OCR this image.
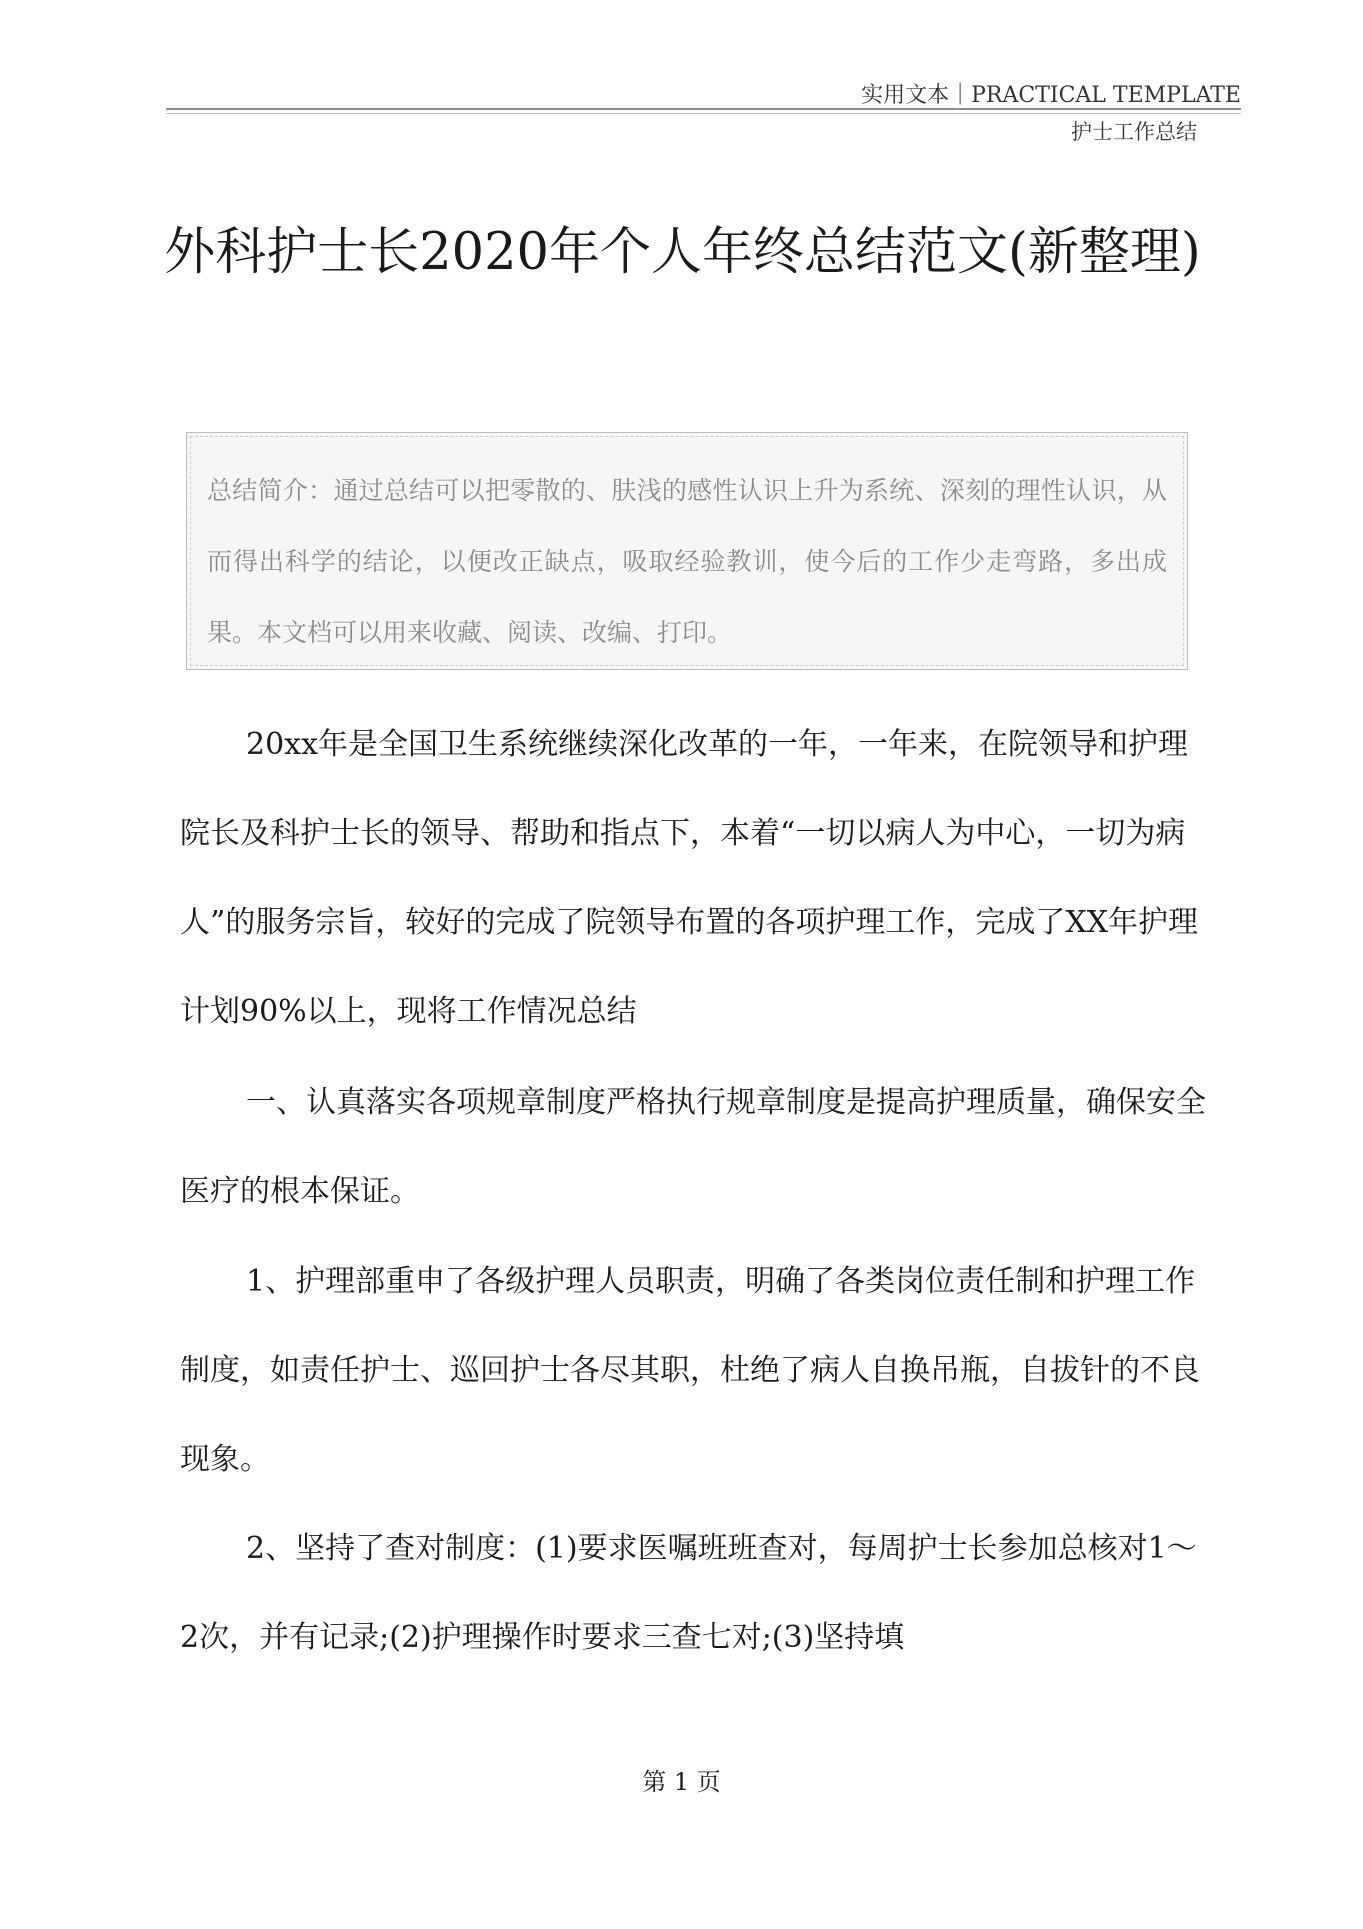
实用文本｜PRACTICAL TEMPLATE
护士工作总结
外科护士长2020年个人年终总结范文(新整理)
总结简介：通过总结可以把零散的、肤浅的感性认识上升为系统、深刻的理性认识，从而得出科学的结论，以便改正缺点，吸取经验教训，使今后的工作少走弯路，多出成果。本文档可以用来收藏、阅读、改编、打印。

20xx年是全国卫生系统继续深化改革的一年，一年来，在院领导和护理院长及科护士长的领导、帮助和指点下，本着“一切以病人为中心，一切为病人”的服务宗旨，较好的完成了院领导布置的各项护理工作，完成了XX年护理计划90%以上，现将工作情况总结

一、认真落实各项规章制度严格执行规章制度是提高护理质量，确保安全医疗的根本保证。

1、护理部重申了各级护理人员职责，明确了各类岗位责任制和护理工作制度，如责任护士、巡回护士各尽其职，杜绝了病人自换吊瓶，自拔针的不良现象。

2、坚持了查对制度：(1)要求医嘱班班查对，每周护士长参加总核对1～2次，并有记录;(2)护理操作时要求三查七对;(3)坚持填

第 1 页
